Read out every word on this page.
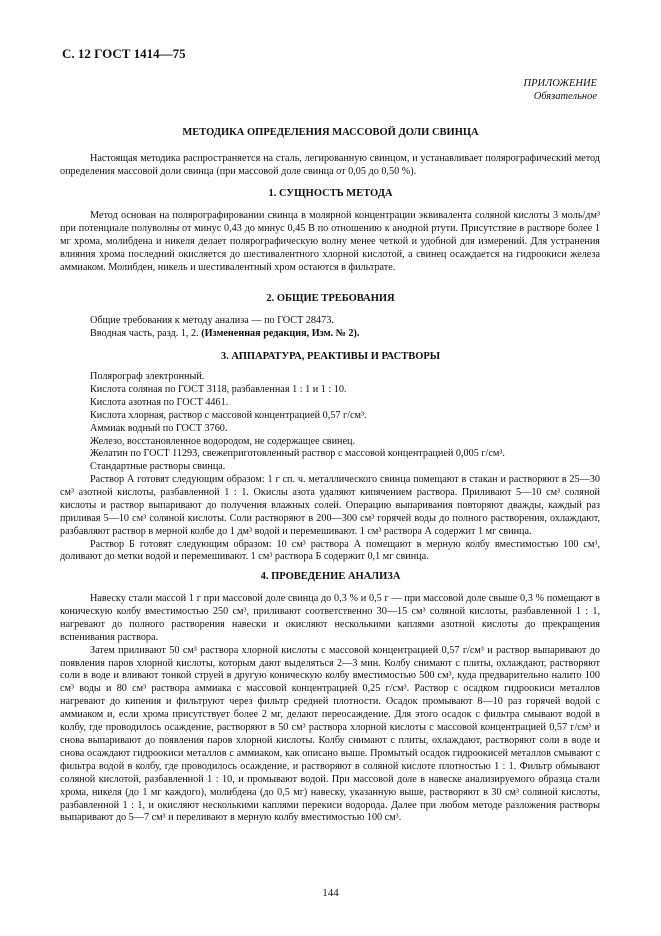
С. 12 ГОСТ 1414—75
ПРИЛОЖЕНИЕ
Обязательное
МЕТОДИКА ОПРЕДЕЛЕНИЯ МАССОВОЙ ДОЛИ СВИНЦА

Настоящая методика распространяется на сталь, легированную свинцом, и устанавливает полярографический метод определения массовой доли свинца (при массовой доле свинца от 0,05 до 0,50 %).

1. СУЩНОСТЬ МЕТОДА

Метод основан на полярографировании свинца в молярной концентрации эквивалента соляной кислоты 3 моль/дм³ при потенциале полуволны от минус 0,43 до минус 0,45 В по отношению к анодной ртути. Присутствие в растворе более 1 мг хрома, молибдена и никеля делает полярографическую волну менее четкой и удобной для измерений. Для устранения влияния хрома последний окисляется до шестивалентного хлорной кислотой, а свинец осаждается на гидроокиси железа аммиаком. Молибден, никель и шестивалентный хром остаются в фильтрате.

2. ОБЩИЕ ТРЕБОВАНИЯ
Общие требования к методу анализа — по ГОСТ 28473.
Вводная часть, разд. 1, 2. (Измененная редакция, Изм. № 2).
3. АППАРАТУРА, РЕАКТИВЫ И РАСТВОРЫ
Полярограф электронный.
Кислота соляная по ГОСТ 3118, разбавленная 1 : 1 и 1 : 10.
Кислота азотная по ГОСТ 4461.
Кислота хлорная, раствор с массовой концентрацией 0,57 г/см³.
Аммиак водный по ГОСТ 3760.
Железо, восстановленное водородом, не содержащее свинец.
Желатин по ГОСТ 11293, свежеприготовленный раствор с массовой концентрацией 0,005 г/см³.
Стандартные растворы свинца.

Раствор А готовят следующим образом: 1 г сп. ч. металлического свинца помещают в стакан и растворяют в 25—30 см³ азотной кислоты, разбавленной 1 : 1. Окислы азота удаляют кипячением раствора. Приливают 5—10 см³ соляной кислоты и раствор выпаривают до получения влажных солей. Операцию выпаривания повторяют дважды, каждый раз приливая 5—10 см³ соляной кислоты. Соли растворяют в 200—300 см³ горячей воды до полного растворения, охлаждают, разбавляют раствор в мерной колбе до 1 дм³ водой и перемешивают. 1 см³ раствора А содержит 1 мг свинца.

Раствор Б готовят следующим образом: 10 см³ раствора А помещают в мерную колбу вместимостью 100 см³, доливают до метки водой и перемешивают. 1 см³ раствора Б содержит 0,1 мг свинца.

4. ПРОВЕДЕНИЕ АНАЛИЗА

Навеску стали массой 1 г при массовой доле свинца до 0,3 % и 0,5 г — при массовой доле свыше 0,3 % помещают в коническую колбу вместимостью 250 см³, приливают соответственно 30—15 см³ соляной кислоты, разбавленной 1 : 1, нагревают до полного растворения навески и окисляют несколькими каплями азотной кислоты до прекращения вспенивания раствора.

Затем приливают 50 см³ раствора хлорной кислоты с массовой концентрацией 0,57 г/см³ и раствор выпаривают до появления паров хлорной кислоты, которым дают выделяться 2—3 мин. Колбу снимают с плиты, охлаждают, растворяют соли в воде и вливают тонкой струей в другую коническую колбу вместимостью 500 см³, куда предварительно налито 100 см³ воды и 80 см³ раствора аммиака с массовой концентрацией 0,25 г/см³. Раствор с осадком гидроокиси металлов нагревают до кипения и фильтруют через фильтр средней плотности. Осадок промывают 8—10 раз горячей водой с аммиаком и, если хрома присутствует более 2 мг, делают переосаждение. Для этого осадок с фильтра смывают водой в колбу, где проводилось осаждение, растворяют в 50 см³ раствора хлорной кислоты с массовой концентрацией 0,57 г/см³ и снова выпаривают до появления паров хлорной кислоты. Колбу снимают с плиты, охлаждают, растворяют соли в воде и снова осаждают гидроокиси металлов с аммиаком, как описано выше. Промытый осадок гидроокисей металлов смывают с фильтра водой в колбу, где проводилось осаждение, и растворяют в соляной кислоте плотностью 1 : 1. Фильтр обмывают соляной кислотой, разбавленной 1 : 10, и промывают водой. При массовой доле в навеске анализируемого образца стали хрома, никеля (до 1 мг каждого), молибдена (до 0,5 мг) навеску, указанную выше, растворяют в 30 см³ соляной кислоты, разбавленной 1 : 1, и окисляют несколькими каплями перекиси водорода. Далее при любом методе разложения растворы выпаривают до 5—7 см³ и переливают в мерную колбу вместимостью 100 см³.

144
